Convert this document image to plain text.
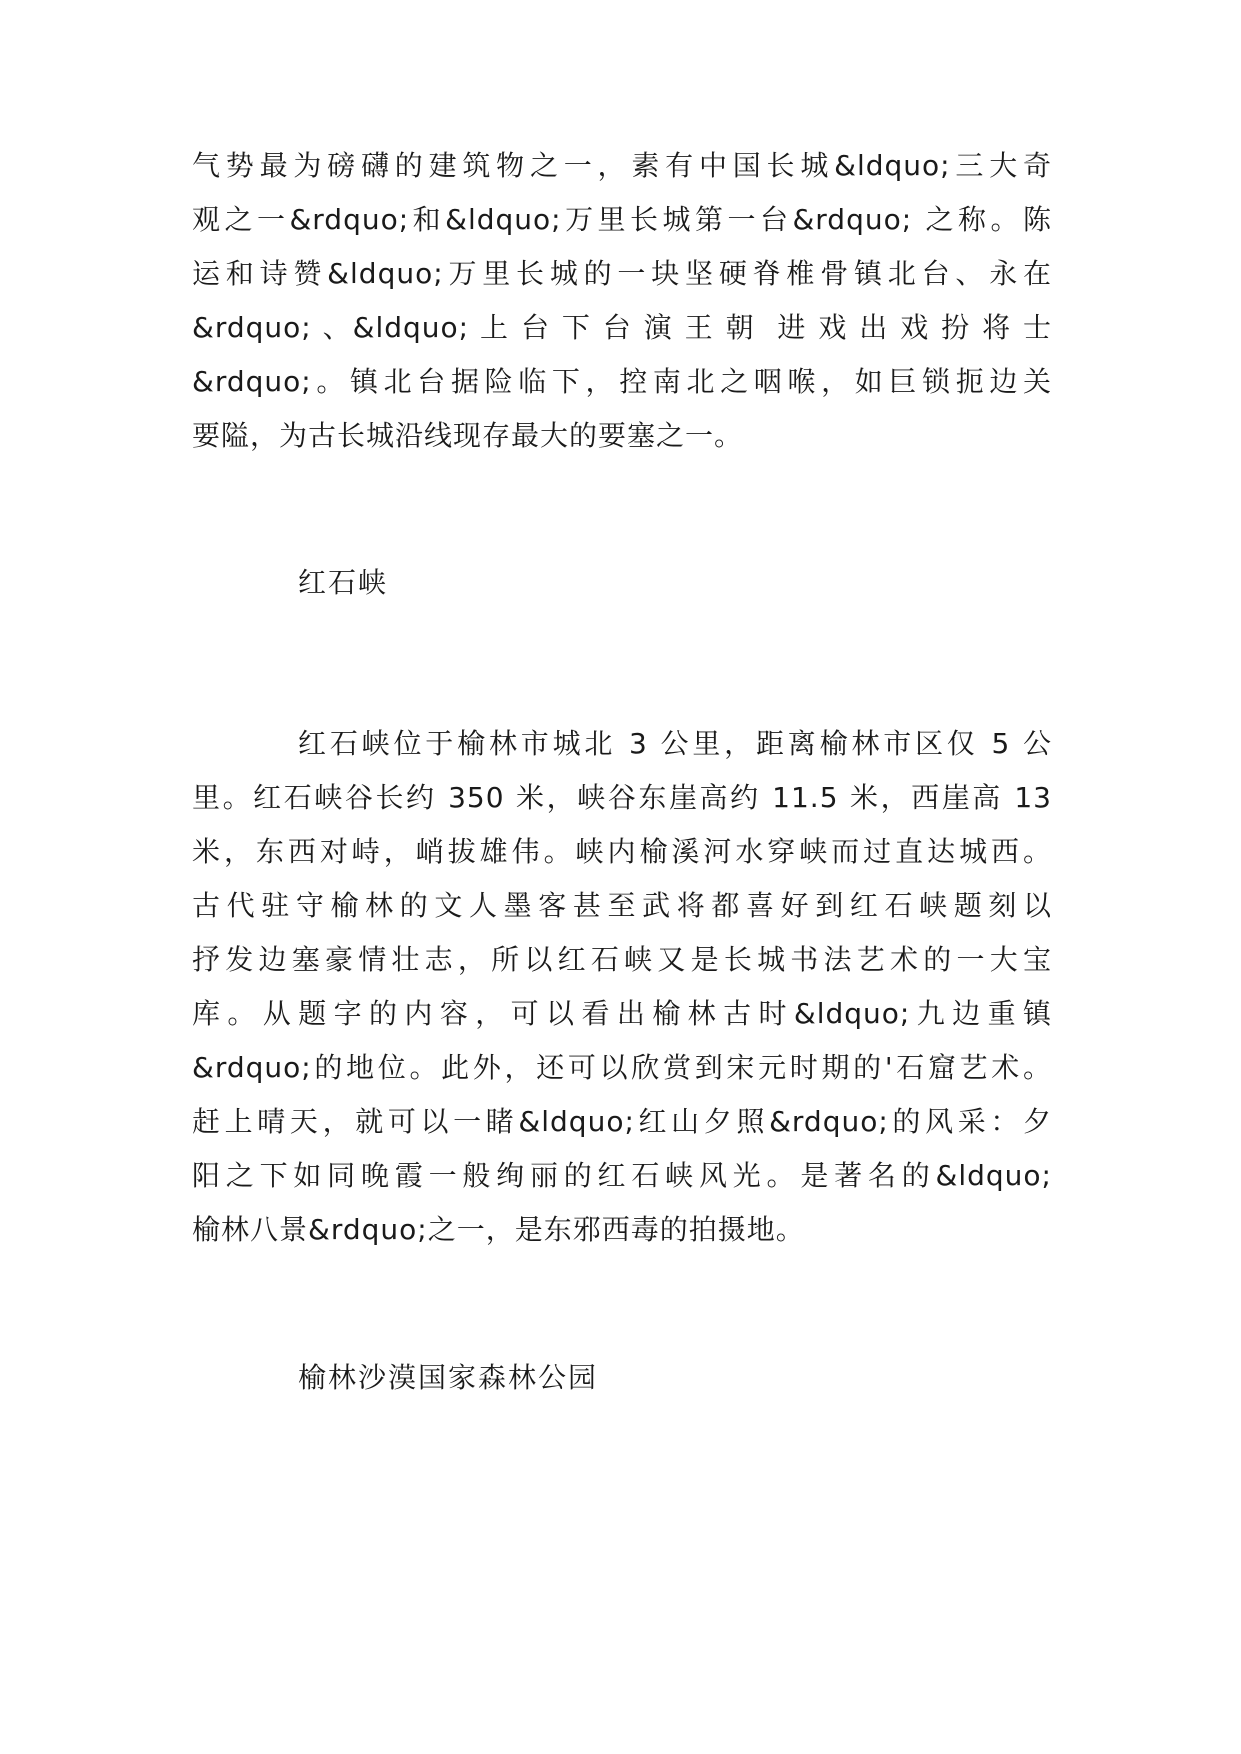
气势最为磅礴的建筑物之一，素有中国长城&ldquo;三大奇
观之一&rdquo;和&ldquo;万里长城第一台&rdquo; 之称。陈
运和诗赞&ldquo;万里长城的一块坚硬脊椎骨镇北台、永在
&rdquo; 、&ldquo; 上 台 下 台 演 王 朝  进 戏 出 戏 扮 将 士
&rdquo;。镇北台据险临下，控南北之咽喉，如巨锁扼边关
要隘，为古长城沿线现存最大的要塞之一。
红石峡
红石峡位于榆林市城北 3 公里，距离榆林市区仅 5 公
里。红石峡谷长约 350 米，峡谷东崖高约 11.5 米，西崖高 13
米，东西对峙，峭拔雄伟。峡内榆溪河水穿峡而过直达城西。
古代驻守榆林的文人墨客甚至武将都喜好到红石峡题刻以
抒发边塞豪情壮志，所以红石峡又是长城书法艺术的一大宝
库。从题字的内容，可以看出榆林古时&ldquo;九边重镇
&rdquo;的地位。此外，还可以欣赏到宋元时期的'石窟艺术。
赶上晴天，就可以一睹&ldquo;红山夕照&rdquo;的风采：夕
阳之下如同晚霞一般绚丽的红石峡风光。是著名的&ldquo;
榆林八景&rdquo;之一，是东邪西毒的拍摄地。
榆林沙漠国家森林公园
